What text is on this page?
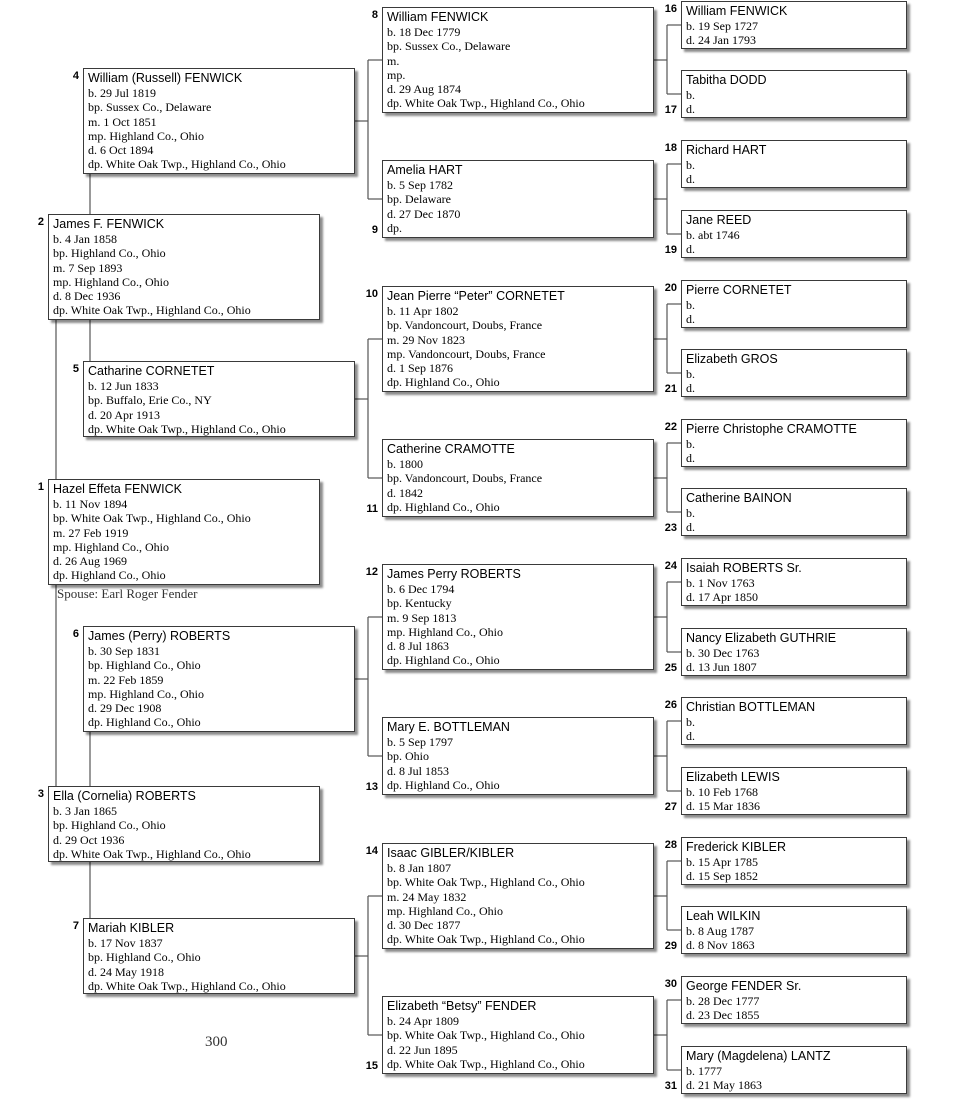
Hazel Effeta FENWICK
b. 11 Nov 1894
bp. White Oak Twp., Highland Co., Ohio
m. 27 Feb 1919
mp. Highland Co., Ohio
d. 26 Aug 1969
dp. Highland Co., Ohio
1
James F. FENWICK
b. 4 Jan 1858
bp. Highland Co., Ohio
m. 7 Sep 1893
mp. Highland Co., Ohio
d. 8 Dec 1936
dp. White Oak Twp., Highland Co., Ohio
2
Ella (Cornelia) ROBERTS
b. 3 Jan 1865
bp. Highland Co., Ohio
d. 29 Oct 1936
dp. White Oak Twp., Highland Co., Ohio
3
William (Russell) FENWICK
b. 29 Jul 1819
bp. Sussex Co., Delaware
m. 1 Oct 1851
mp. Highland Co., Ohio
d. 6 Oct 1894
dp. White Oak Twp., Highland Co., Ohio
4
Catharine CORNETET
b. 12 Jun 1833
bp. Buffalo, Erie Co., NY
d. 20 Apr 1913
dp. White Oak Twp., Highland Co., Ohio
5
James (Perry) ROBERTS
b. 30 Sep 1831
bp. Highland Co., Ohio
m. 22 Feb 1859
mp. Highland Co., Ohio
d. 29 Dec 1908
dp. Highland Co., Ohio
6
Mariah KIBLER
b. 17 Nov 1837
bp. Highland Co., Ohio
d. 24 May 1918
dp. White Oak Twp., Highland Co., Ohio
7
William FENWICK
b. 18 Dec 1779
bp. Sussex Co., Delaware
m.
mp.
d. 29 Aug 1874
dp. White Oak Twp., Highland Co., Ohio
8
Amelia HART
b. 5 Sep 1782
bp. Delaware
d. 27 Dec 1870
dp.
9
Jean Pierre “Peter” CORNETET
b. 11 Apr 1802
bp. Vandoncourt, Doubs, France
m. 29 Nov 1823
mp. Vandoncourt, Doubs, France
d. 1 Sep 1876
dp. Highland Co., Ohio
10
Catherine CRAMOTTE
b. 1800
bp. Vandoncourt, Doubs, France
d. 1842
dp. Highland Co., Ohio
11
James Perry ROBERTS
b. 6 Dec 1794
bp. Kentucky
m. 9 Sep 1813
mp. Highland Co., Ohio
d. 8 Jul 1863
dp. Highland Co., Ohio
12
Mary E. BOTTLEMAN
b. 5 Sep 1797
bp. Ohio
d. 8 Jul 1853
dp. Highland Co., Ohio
13
Isaac GIBLER/KIBLER
b. 8 Jan 1807
bp. White Oak Twp., Highland Co., Ohio
m. 24 May 1832
mp. Highland Co., Ohio
d. 30 Dec 1877
dp. White Oak Twp., Highland Co., Ohio
14
Elizabeth “Betsy” FENDER
b. 24 Apr 1809
bp. White Oak Twp., Highland Co., Ohio
d. 22 Jun 1895
dp. White Oak Twp., Highland Co., Ohio
15
William FENWICK
b. 19 Sep 1727
d. 24 Jan 1793
16
Tabitha DODD
b.
d.
17
Richard HART
b.
d.
18
Jane REED
b. abt 1746
d.
19
Pierre CORNETET
b.
d.
20
Elizabeth GROS
b.
d.
21
Pierre Christophe CRAMOTTE
b.
d.
22
Catherine BAINON
b.
d.
23
Isaiah ROBERTS Sr.
b. 1 Nov 1763
d. 17 Apr 1850
24
Nancy Elizabeth GUTHRIE
b. 30 Dec 1763
d. 13 Jun 1807
25
Christian BOTTLEMAN
b.
d.
26
Elizabeth LEWIS
b. 10 Feb 1768
d. 15 Mar 1836
27
Frederick KIBLER
b. 15 Apr 1785
d. 15 Sep 1852
28
Leah WILKIN
b. 8 Aug 1787
d. 8 Nov 1863
29
George FENDER Sr.
b. 28 Dec 1777
d. 23 Dec 1855
30
Mary (Magdelena) LANTZ
b. 1777
d. 21 May 1863
31
Spouse: Earl Roger Fender
300
